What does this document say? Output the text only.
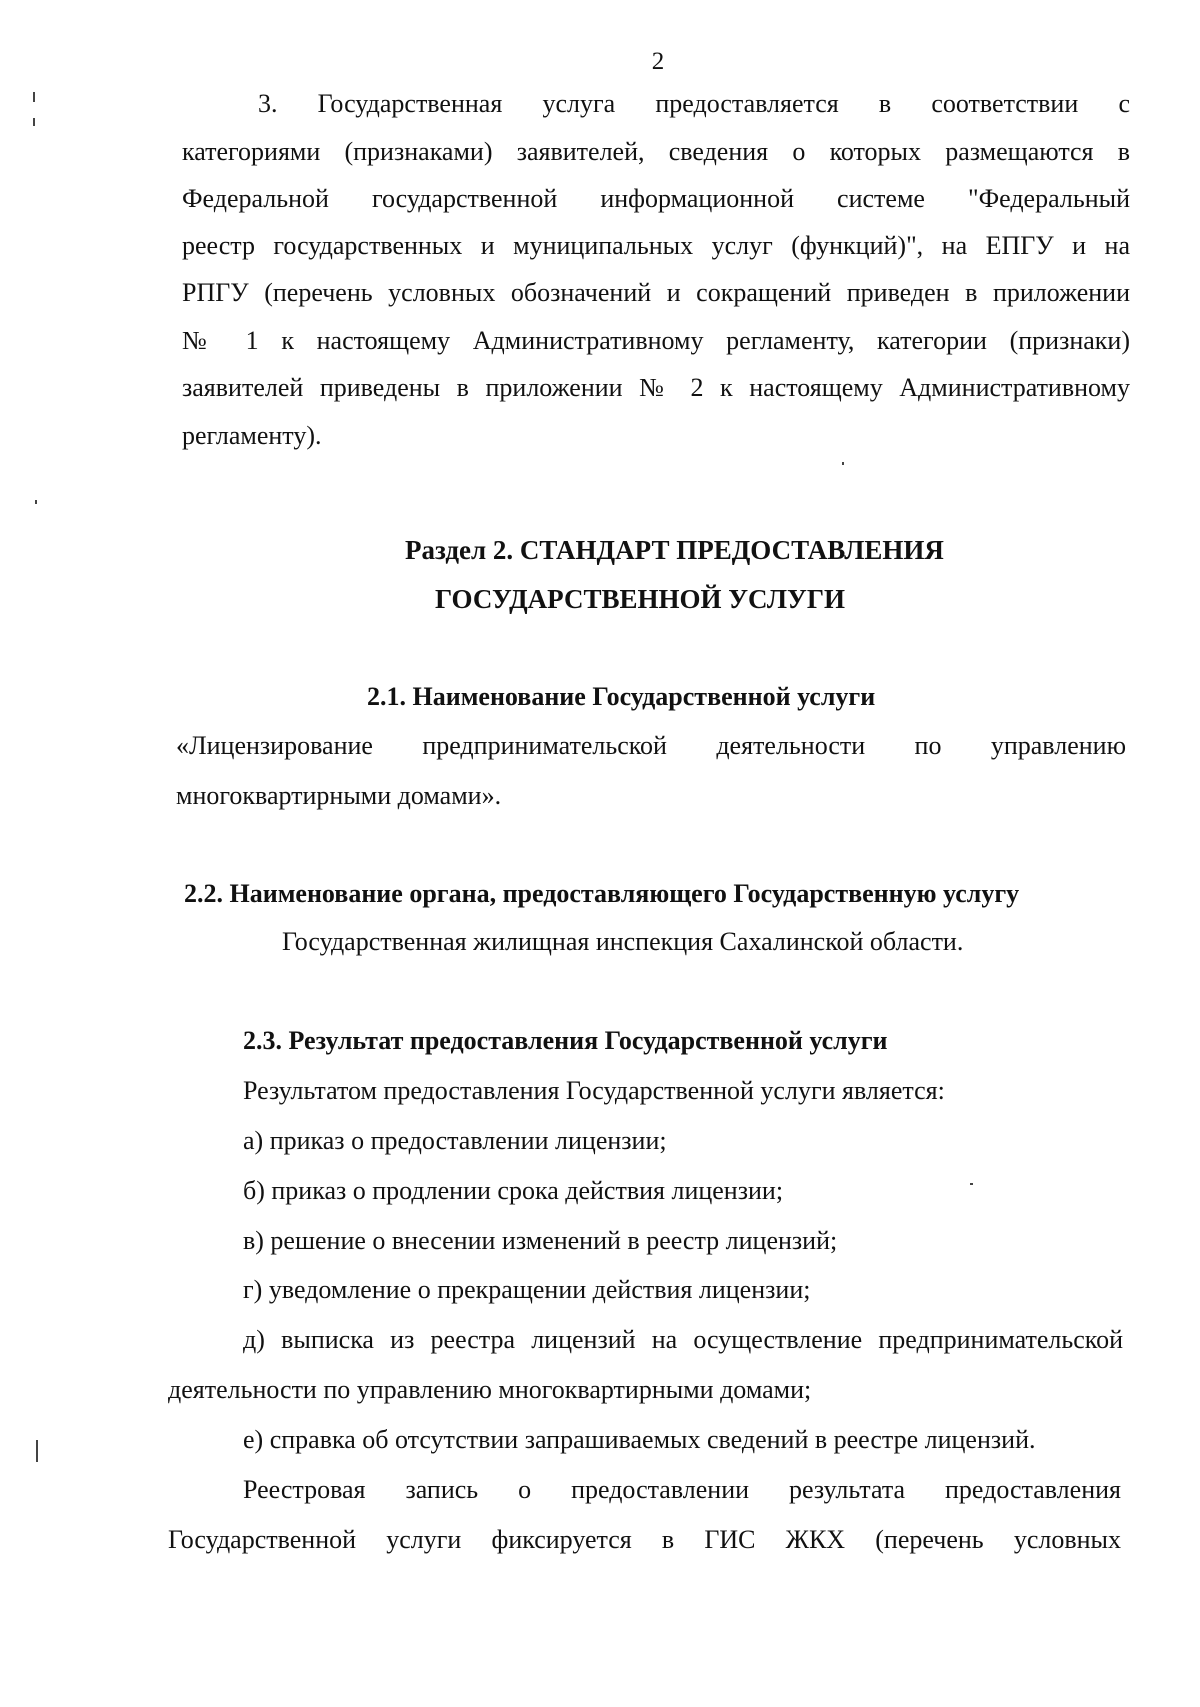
2
3. Государственная услуга предоставляется в соответствии с
категориями (признаками) заявителей, сведения о которых размещаются в
Федеральной государственной информационной системе "Федеральный
реестр государственных и муниципальных услуг (функций)", на ЕПГУ и на
РПГУ (перечень условных обозначений и сокращений приведен в приложении
№ 1 к настоящему Административному регламенту, категории (признаки)
заявителей приведены в приложении № 2 к настоящему Административному
регламенту).
Раздел 2. СТАНДАРТ ПРЕДОСТАВЛЕНИЯ
ГОСУДАРСТВЕННОЙ УСЛУГИ
2.1. Наименование Государственной услуги
«Лицензирование предпринимательской деятельности по управлению
многоквартирными домами».
2.2. Наименование органа, предоставляющего Государственную услугу
Государственная жилищная инспекция Сахалинской области.
2.3. Результат предоставления Государственной услуги
Результатом предоставления Государственной услуги является:
а) приказ о предоставлении лицензии;
б) приказ о продлении срока действия лицензии;
в) решение о внесении изменений в реестр лицензий;
г) уведомление о прекращении действия лицензии;
д) выписка из реестра лицензий на осуществление предпринимательской
деятельности по управлению многоквартирными домами;
е) справка об отсутствии запрашиваемых сведений в реестре лицензий.
Реестровая запись о предоставлении результата предоставления
Государственной услуги фиксируется в ГИС ЖКХ (перечень условных
